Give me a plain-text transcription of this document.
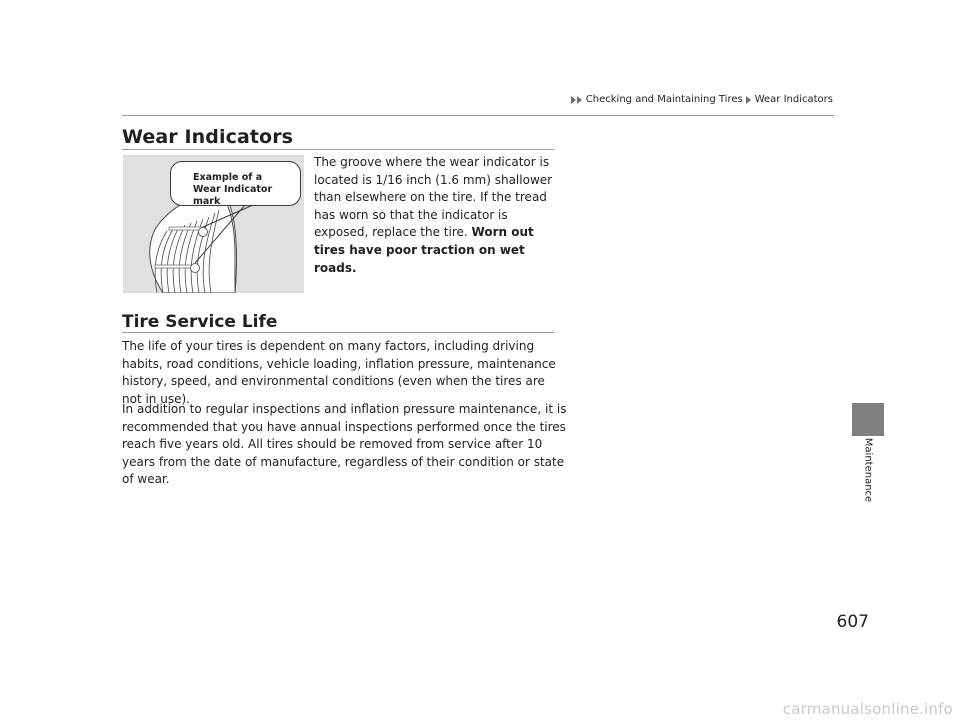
Checking and Maintaining Tires Wear Indicators
Wear Indicators
Example of a Wear Indicator mark
The groove where the wear indicator is located is 1/16 inch (1.6 mm) shallower than elsewhere on the tire. If the tread has worn so that the indicator is exposed, replace the tire. Worn out tires have poor traction on wet roads.
Tire Service Life
The life of your tires is dependent on many factors, including driving habits, road conditions, vehicle loading, inflation pressure, maintenance history, speed, and environmental conditions (even when the tires are not in use).
In addition to regular inspections and inflation pressure maintenance, it is recommended that you have annual inspections performed once the tires reach five years old. All tires should be removed from service after 10 years from the date of manufacture, regardless of their condition or state of wear.	Maintenance
607
carmanualsonline.info
